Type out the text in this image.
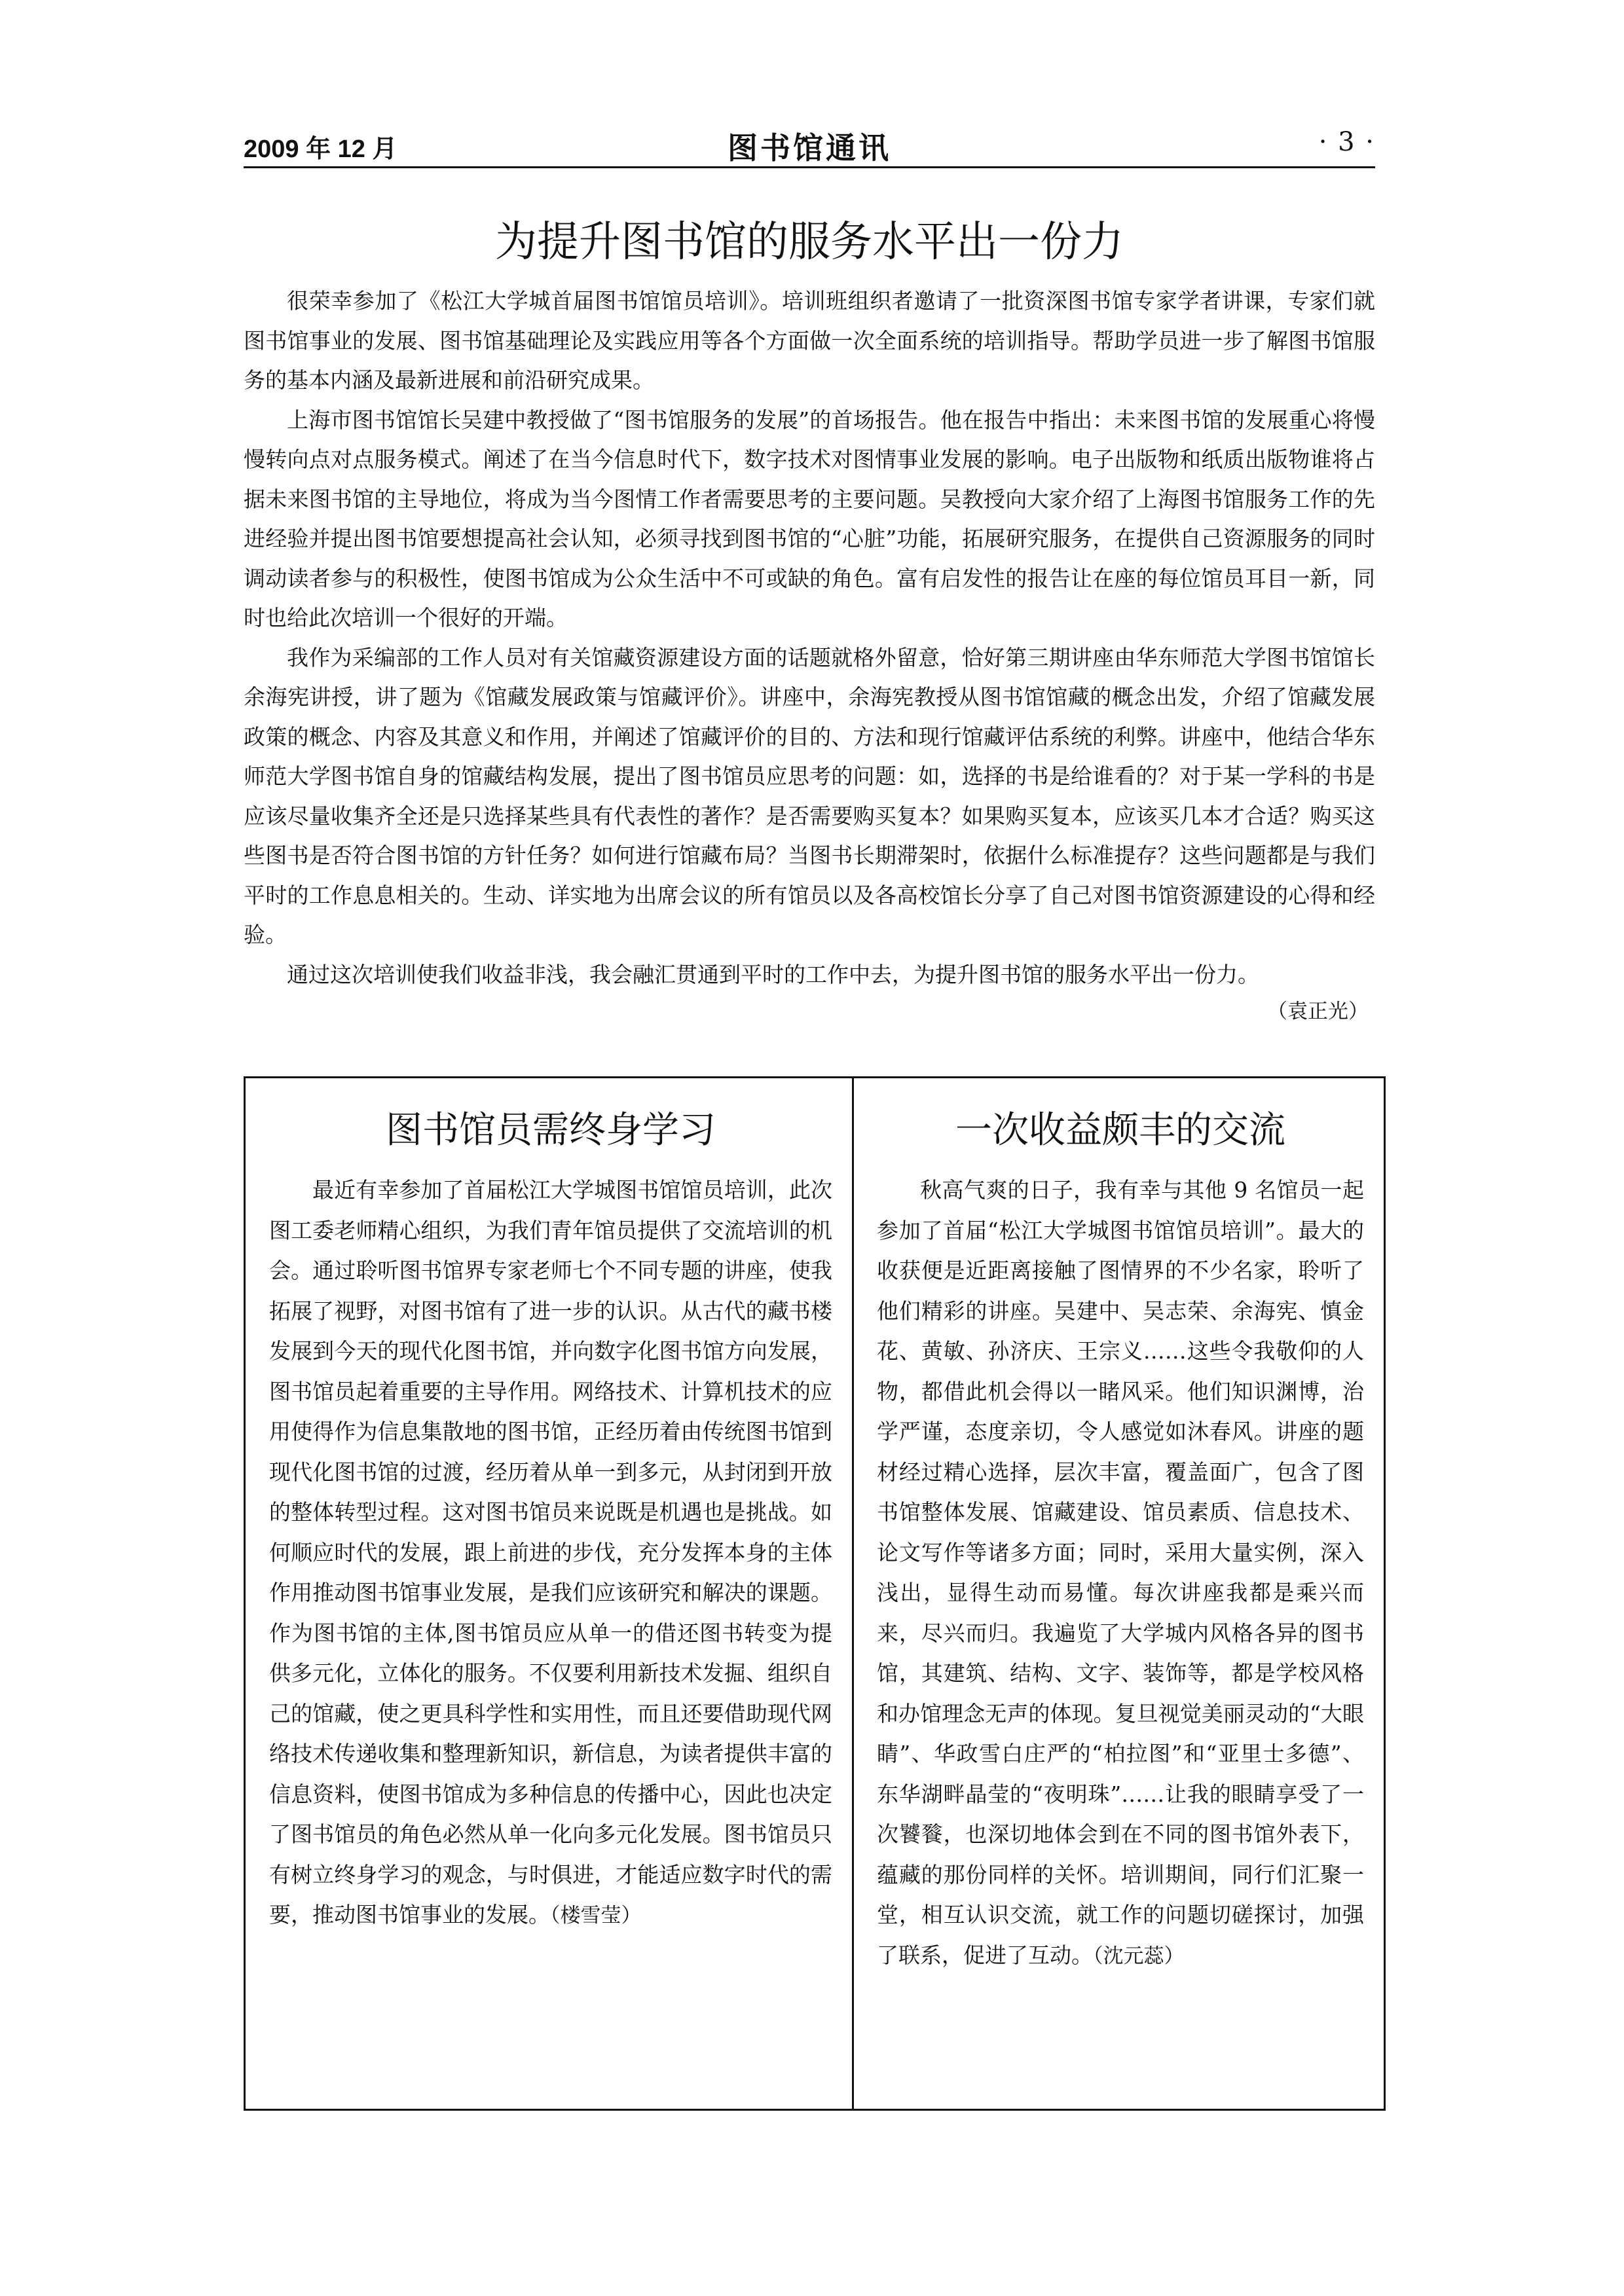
2009 年 12 月	图书馆通讯	· 3 ·
为提升图书馆的服务水平出一份力

很荣幸参加了《松江大学城首届图书馆馆员培训》。培训班组织者邀请了一批资深图书馆专家学者讲课，专家们就图书馆事业的发展、图书馆基础理论及实践应用等各个方面做一次全面系统的培训指导。帮助学员进一步了解图书馆服务的基本内涵及最新进展和前沿研究成果。

上海市图书馆馆长吴建中教授做了“图书馆服务的发展”的首场报告。他在报告中指出：未来图书馆的发展重心将慢慢转向点对点服务模式。阐述了在当今信息时代下，数字技术对图情事业发展的影响。电子出版物和纸质出版物谁将占据未来图书馆的主导地位，将成为当今图情工作者需要思考的主要问题。吴教授向大家介绍了上海图书馆服务工作的先进经验并提出图书馆要想提高社会认知，必须寻找到图书馆的“心脏”功能，拓展研究服务，在提供自己资源服务的同时调动读者参与的积极性，使图书馆成为公众生活中不可或缺的角色。富有启发性的报告让在座的每位馆员耳目一新，同时也给此次培训一个很好的开端。

我作为采编部的工作人员对有关馆藏资源建设方面的话题就格外留意，恰好第三期讲座由华东师范大学图书馆馆长余海宪讲授，讲了题为《馆藏发展政策与馆藏评价》。讲座中，余海宪教授从图书馆馆藏的概念出发，介绍了馆藏发展政策的概念、内容及其意义和作用，并阐述了馆藏评价的目的、方法和现行馆藏评估系统的利弊。讲座中，他结合华东师范大学图书馆自身的馆藏结构发展，提出了图书馆员应思考的问题：如，选择的书是给谁看的？对于某一学科的书是应该尽量收集齐全还是只选择某些具有代表性的著作？是否需要购买复本？如果购买复本，应该买几本才合适？购买这些图书是否符合图书馆的方针任务？如何进行馆藏布局？当图书长期滞架时，依据什么标准提存？这些问题都是与我们平时的工作息息相关的。生动、详实地为出席会议的所有馆员以及各高校馆长分享了自己对图书馆资源建设的心得和经验。

通过这次培训使我们收益非浅，我会融汇贯通到平时的工作中去，为提升图书馆的服务水平出一份力。

（袁正光）
图书馆员需终身学习

最近有幸参加了首届松江大学城图书馆馆员培训，此次图工委老师精心组织，为我们青年馆员提供了交流培训的机会。通过聆听图书馆界专家老师七个不同专题的讲座，使我拓展了视野，对图书馆有了进一步的认识。从古代的藏书楼发展到今天的现代化图书馆，并向数字化图书馆方向发展，图书馆员起着重要的主导作用。网络技术、计算机技术的应用使得作为信息集散地的图书馆，正经历着由传统图书馆到现代化图书馆的过渡，经历着从单一到多元，从封闭到开放的整体转型过程。这对图书馆员来说既是机遇也是挑战。如何顺应时代的发展，跟上前进的步伐，充分发挥本身的主体作用推动图书馆事业发展，是我们应该研究和解决的课题。作为图书馆的主体,图书馆员应从单一的借还图书转变为提供多元化，立体化的服务。不仅要利用新技术发掘、组织自己的馆藏，使之更具科学性和实用性，而且还要借助现代网络技术传递收集和整理新知识，新信息，为读者提供丰富的信息资料，使图书馆成为多种信息的传播中心，因此也决定了图书馆员的角色必然从单一化向多元化发展。图书馆员只有树立终身学习的观念，与时俱进，才能适应数字时代的需要，推动图书馆事业的发展。（楼雪莹）

一次收益颇丰的交流

秋高气爽的日子，我有幸与其他 9 名馆员一起参加了首届“松江大学城图书馆馆员培训”。最大的收获便是近距离接触了图情界的不少名家，聆听了他们精彩的讲座。吴建中、吴志荣、余海宪、慎金花、黄敏、孙济庆、王宗义……这些令我敬仰的人物，都借此机会得以一睹风采。他们知识渊博，治学严谨，态度亲切，令人感觉如沐春风。讲座的题材经过精心选择，层次丰富，覆盖面广，包含了图书馆整体发展、馆藏建设、馆员素质、信息技术、论文写作等诸多方面；同时，采用大量实例，深入浅出，显得生动而易懂。每次讲座我都是乘兴而来，尽兴而归。我遍览了大学城内风格各异的图书馆，其建筑、结构、文字、装饰等，都是学校风格和办馆理念无声的体现。复旦视觉美丽灵动的“大眼睛”、华政雪白庄严的“柏拉图”和“亚里士多德”、东华湖畔晶莹的“夜明珠”……让我的眼睛享受了一次饕餮，也深切地体会到在不同的图书馆外表下，蕴藏的那份同样的关怀。培训期间，同行们汇聚一堂，相互认识交流，就工作的问题切磋探讨，加强了联系，促进了互动。（沈元蕊）
